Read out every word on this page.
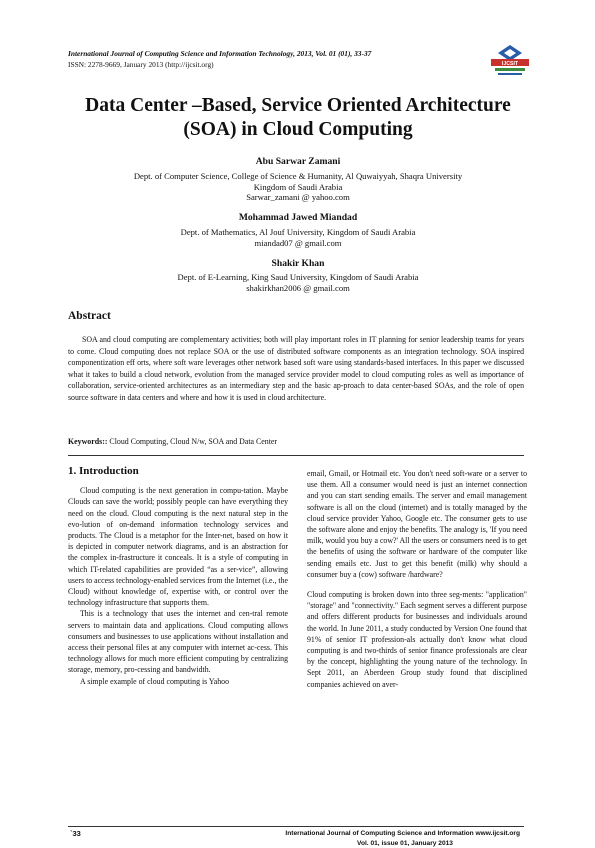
International Journal of Computing Science and Information Technology, 2013, Vol. 01 (01), 33-37
ISSN: 2278-9669, January 2013 (http://ijcsit.org)	IJCSIT
Data Center –Based, Service Oriented Architecture (SOA) in Cloud Computing
Abu Sarwar Zamani
Dept. of Computer Science, College of Science & Humanity, Al Quwaiyyah, Shaqra University
Kingdom of Saudi Arabia
Sarwar_zamani @ yahoo.com
Mohammad Jawed Miandad
Dept. of Mathematics, Al Jouf University, Kingdom of Saudi Arabia
miandad07 @ gmail.com
Shakir Khan
Dept. of E-Learning, King Saud University, Kingdom of Saudi Arabia
shakirkhan2006 @ gmail.com
Abstract
SOA and cloud computing are complementary activities; both will play important roles in IT planning for senior leadership teams for years to come. Cloud computing does not replace SOA or the use of distributed software components as an integration technology. SOA inspired componentization eff orts, where soft ware leverages other network based soft ware using standards-based interfaces. In this paper we discussed what it takes to build a cloud network, evolution from the managed service provider model to cloud computing roles as well as importance of collaboration, service-oriented architectures as an intermediary step and the basic ap-proach to data center-based SOAs, and the role of open source software in data centers and where and how it is used in cloud architecture.
Keywords:: Cloud Computing, Cloud N/w, SOA and Data Center
1. Introduction

Cloud computing is the next generation in compu-tation. Maybe Clouds can save the world; possibly people can have everything they need on the cloud. Cloud computing is the next natural step in the evo-lution of on-demand information technology services and products. The Cloud is a metaphor for the Inter-net, based on how it is depicted in computer network diagrams, and is an abstraction for the complex in-frastructure it conceals. It is a style of computing in which IT-related capabilities are provided “as a ser-vice”, allowing users to access technology-enabled services from the Internet (i.e., the Cloud) without knowledge of, expertise with, or control over the technology infrastructure that supports them.

This is a technology that uses the internet and cen-tral remote servers to maintain data and applications. Cloud computing allows consumers and businesses to use applications without installation and access their personal files at any computer with internet ac-cess. This technology allows for much more efficient computing by centralizing storage, memory, pro-cessing and bandwidth.

A simple example of cloud computing is Yahoo

email, Gmail, or Hotmail etc. You don't need soft-ware or a server to use them. All a consumer would need is just an internet connection and you can start sending emails. The server and email management software is all on the cloud (internet) and is totally managed by the cloud service provider Yahoo, Google etc. The consumer gets to use the software alone and enjoy the benefits. The analogy is, 'If you need milk, would you buy a cow?' All the users or consumers need is to get the benefits of using the software or hardware of the computer like sending emails etc. Just to get this benefit (milk) why should a consumer buy a (cow) software /hardware?

Cloud computing is broken down into three seg-ments: "application" "storage" and "connectivity." Each segment serves a different purpose and offers different products for businesses and individuals around the world. In June 2011, a study conducted by Version One found that 91% of senior IT profession-als actually don't know what cloud computing is and two-thirds of senior finance professionals are clear by the concept, highlighting the young nature of the technology. In Sept 2011, an Aberdeen Group study found that disciplined companies achieved on aver-

`33	International Journal of Computing Science and Information www.ijcsit.org
Vol. 01, issue 01, January 2013
